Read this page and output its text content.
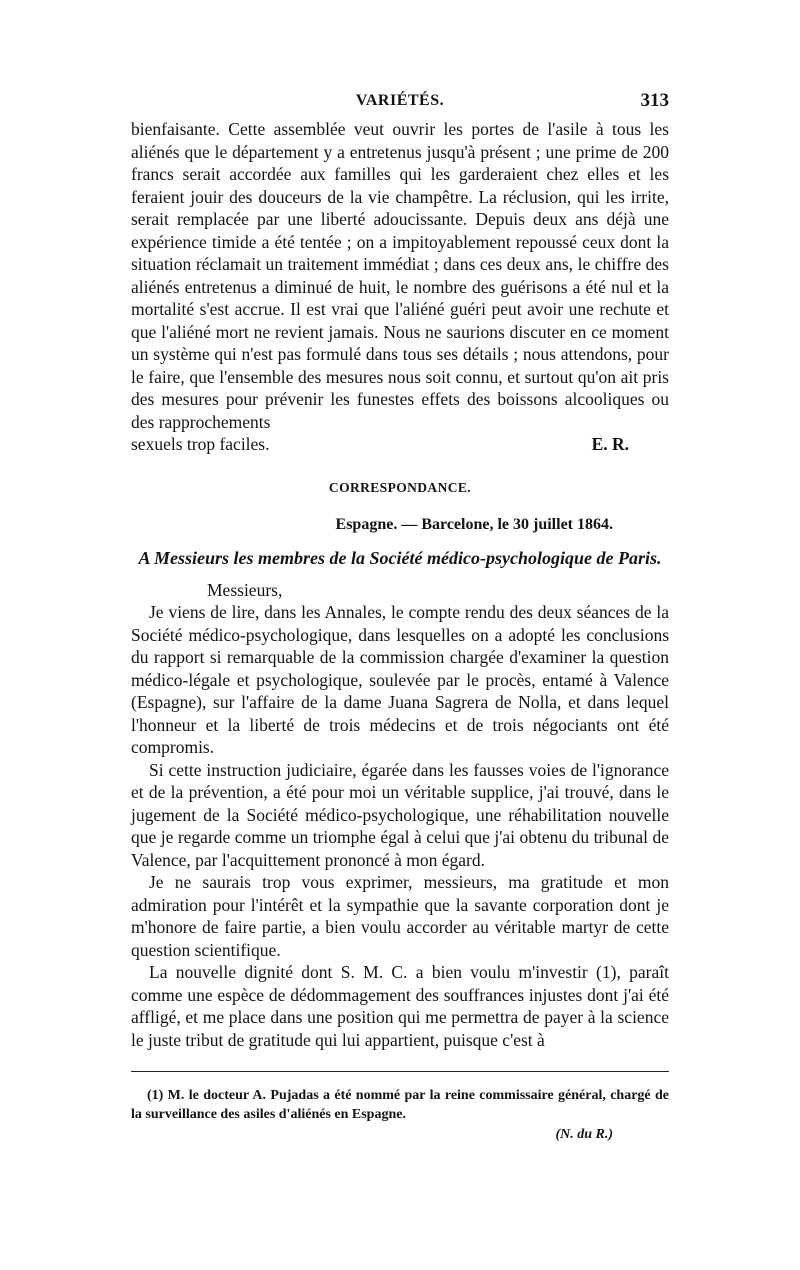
VARIÉTÉS.	313

bienfaisante. Cette assemblée veut ouvrir les portes de l'asile à tous les aliénés que le département y a entretenus jusqu'à présent ; une prime de 200 francs serait accordée aux familles qui les garderaient chez elles et les feraient jouir des douceurs de la vie champêtre. La réclusion, qui les irrite, serait remplacée par une liberté adoucissante. Depuis deux ans déjà une expérience timide a été tentée ; on a impitoyablement repoussé ceux dont la situation réclamait un traitement immédiat ; dans ces deux ans, le chiffre des aliénés entretenus a diminué de huit, le nombre des guérisons a été nul et la mortalité s'est accrue. Il est vrai que l'aliéné guéri peut avoir une rechute et que l'aliéné mort ne revient jamais. Nous ne saurions discuter en ce moment un système qui n'est pas formulé dans tous ses détails ; nous attendons, pour le faire, que l'ensemble des mesures nous soit connu, et surtout qu'on ait pris des mesures pour prévenir les funestes effets des boissons alcooliques ou des rapprochements

sexuels trop faciles.	E. R.
CORRESPONDANCE.
Espagne. — Barcelone, le 30 juillet 1864.
A Messieurs les membres de la Société médico-psychologique de Paris.
Messieurs,

Je viens de lire, dans les Annales, le compte rendu des deux séances de la Société médico-psychologique, dans lesquelles on a adopté les conclusions du rapport si remarquable de la commission chargée d'examiner la question médico-légale et psychologique, soulevée par le procès, entamé à Valence (Espagne), sur l'affaire de la dame Juana Sagrera de Nolla, et dans lequel l'honneur et la liberté de trois médecins et de trois négociants ont été compromis.

Si cette instruction judiciaire, égarée dans les fausses voies de l'ignorance et de la prévention, a été pour moi un véritable supplice, j'ai trouvé, dans le jugement de la Société médico-psychologique, une réhabilitation nouvelle que je regarde comme un triomphe égal à celui que j'ai obtenu du tribunal de Valence, par l'acquittement prononcé à mon égard.

Je ne saurais trop vous exprimer, messieurs, ma gratitude et mon admiration pour l'intérêt et la sympathie que la savante corporation dont je m'honore de faire partie, a bien voulu accorder au véritable martyr de cette question scientifique.

La nouvelle dignité dont S. M. C. a bien voulu m'investir (1), paraît comme une espèce de dédommagement des souffrances injustes dont j'ai été affligé, et me place dans une position qui me permettra de payer à la science le juste tribut de gratitude qui lui appartient, puisque c'est à

(1) M. le docteur A. Pujadas a été nommé par la reine commissaire général, chargé de la surveillance des asiles d'aliénés en Espagne.
(N. du R.)
